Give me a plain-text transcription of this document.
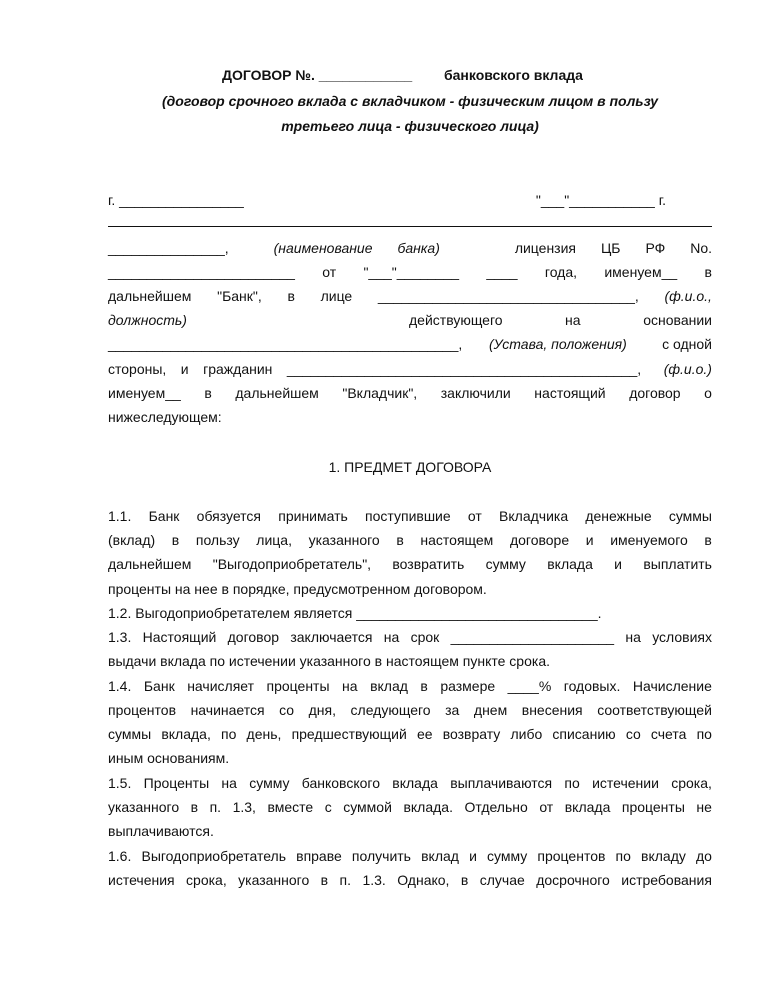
ДОГОВОР №. ____________ банковского вклада
(договор срочного вклада с вкладчиком - физическим лицом в пользу
третьего лица - физического лица)
г. ________________	"___"___________ г.
_______________,	(наименование банка)	лицензия ЦБ РФ No.
________________________ от "___"________ ____ года, именуем__ в
дальнейшем "Банк", в лице _________________________________, (ф.и.о.,
должность)	действующего	на	основании
_____________________________________________, (Устава, положения)	с одной
стороны, и гражданин _____________________________________________, (ф.и.о.)
именуем__ в дальнейшем "Вкладчик", заключили настоящий договор о
нижеследующем:
1. ПРЕДМЕТ ДОГОВОРА
1.1. Банк обязуется принимать поступившие от Вкладчика денежные суммы
(вклад) в пользу лица, указанного в настоящем договоре и именуемого в
дальнейшем "Выгодоприобретатель", возвратить сумму вклада и выплатить
проценты на нее в порядке, предусмотренном договором.
1.2. Выгодоприобретателем является _______________________________.
1.3. Настоящий договор заключается на срок _____________________ на условиях
выдачи вклада по истечении указанного в настоящем пункте срока.
1.4. Банк начисляет проценты на вклад в размере ____% годовых. Начисление
процентов начинается со дня, следующего за днем внесения соответствующей
суммы вклада, по день, предшествующий ее возврату либо списанию со счета по
иным основаниям.
1.5. Проценты на сумму банковского вклада выплачиваются по истечении срока,
указанного в п. 1.3, вместе с суммой вклада. Отдельно от вклада проценты не
выплачиваются.
1.6. Выгодоприобретатель вправе получить вклад и сумму процентов по вкладу до
истечения срока, указанного в п. 1.3. Однако, в случае досрочного истребования
